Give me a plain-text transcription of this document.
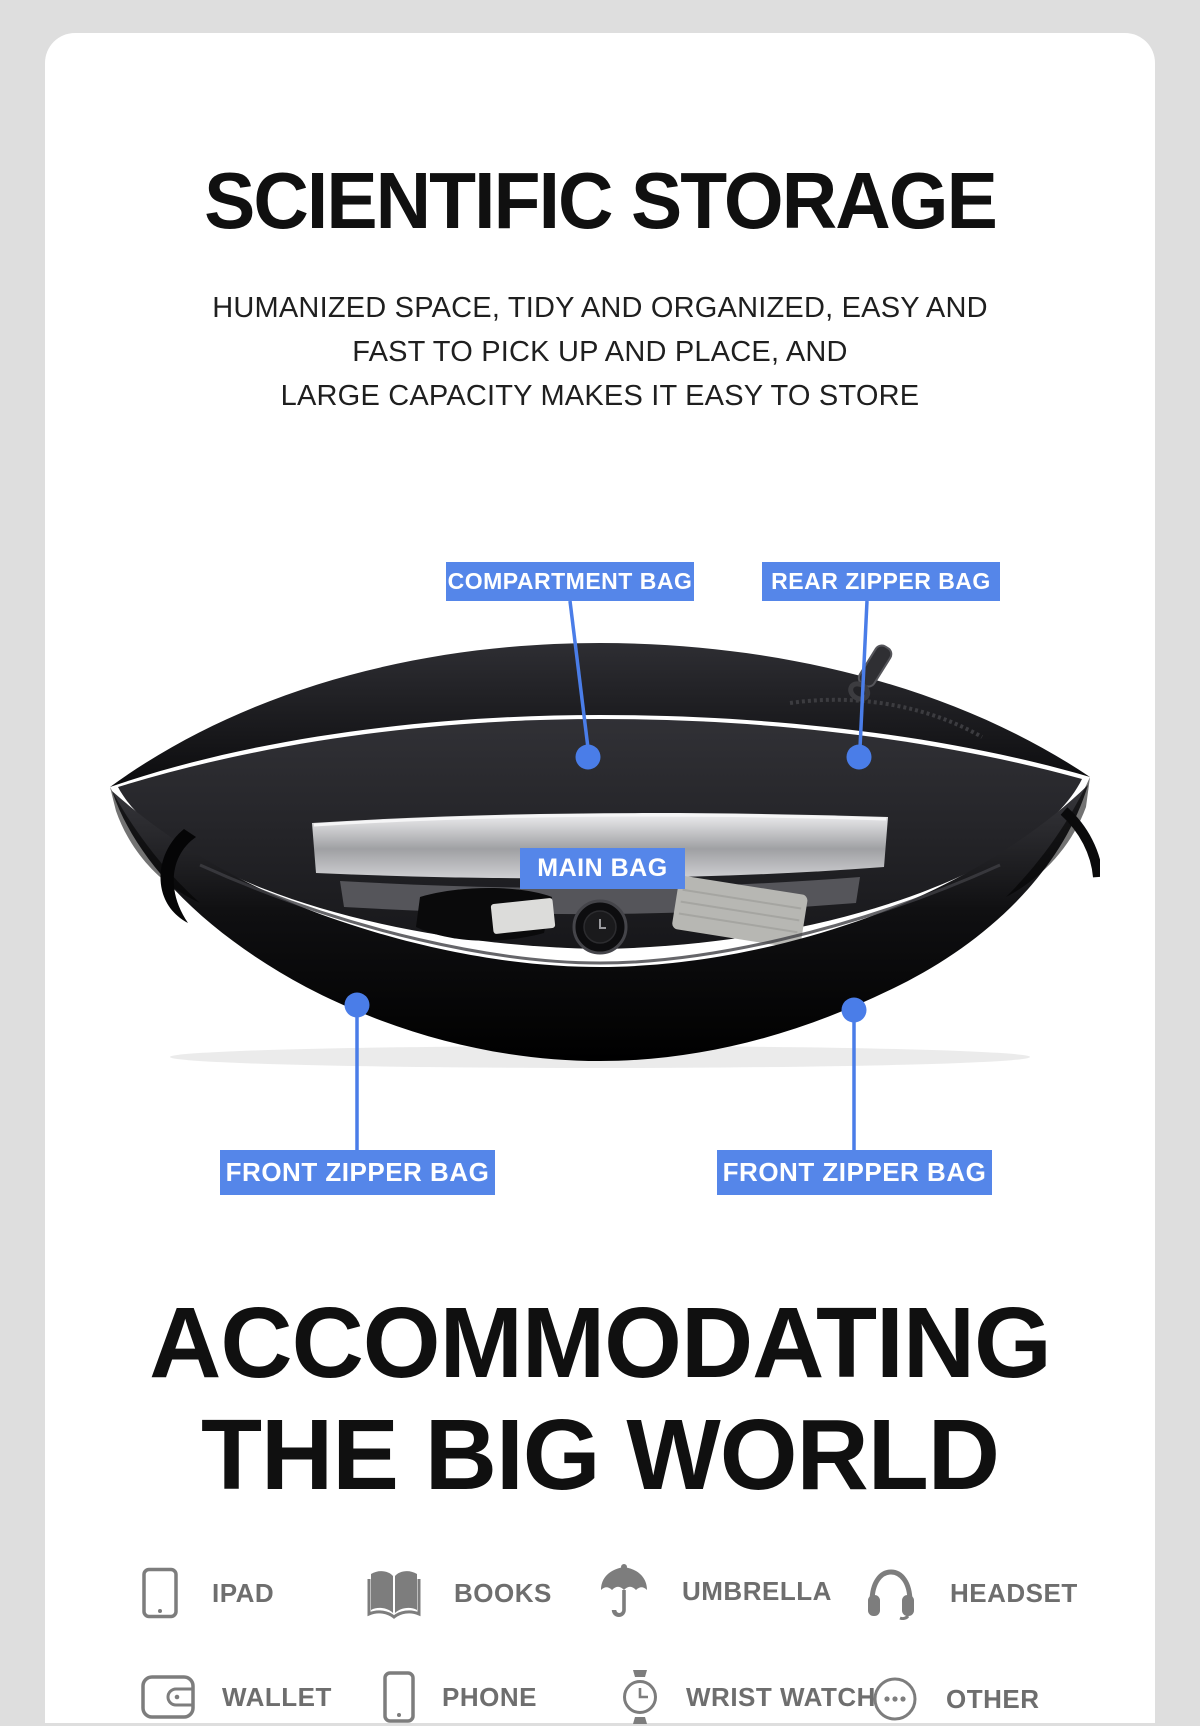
SCIENTIFIC STORAGE
HUMANIZED SPACE, TIDY AND ORGANIZED, EASY AND
FAST TO PICK UP AND PLACE, AND
LARGE CAPACITY MAKES IT EASY TO STORE
COMPARTMENT BAG	REAR ZIPPER BAG
MAIN BAG
FRONT ZIPPER BAG	FRONT ZIPPER BAG
ACCOMMODATING
THE BIG WORLD
IPAD	BOOKS	UMBRELLA	HEADSET
WALLET	PHONE	WRIST WATCH	OTHER
